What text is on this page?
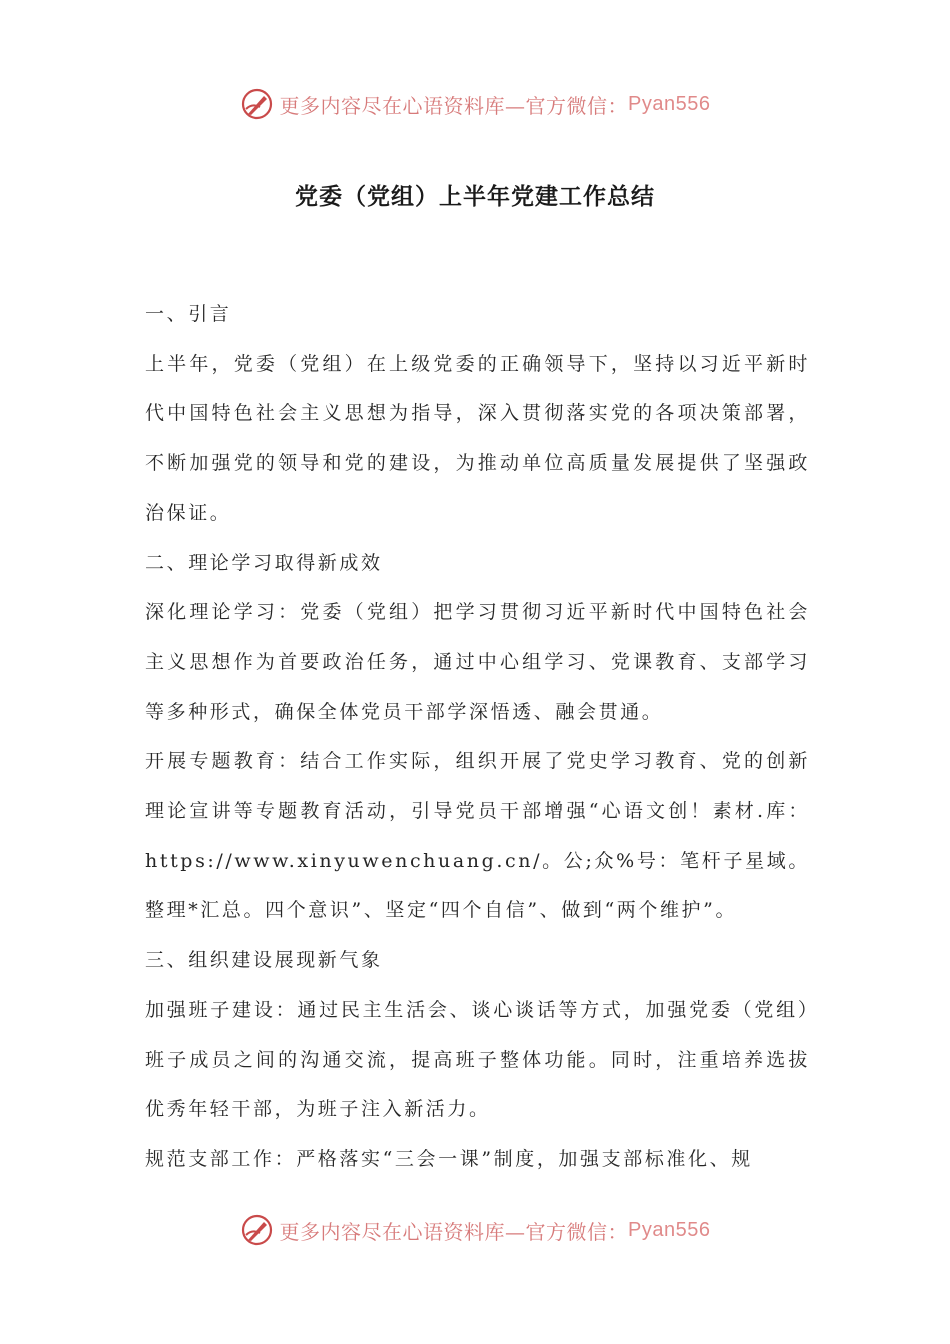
更多内容尽在心语资料库—官方微信： Pyan556
党委（党组）上半年党建工作总结

一、引言

上半年，党委（党组）在上级党委的正确领导下，坚持以习近平新时代中国特色社会主义思想为指导，深入贯彻落实党的各项决策部署，不断加强党的领导和党的建设，为推动单位高质量发展提供了坚强政治保证。

二、理论学习取得新成效

深化理论学习：党委（党组）把学习贯彻习近平新时代中国特色社会主义思想作为首要政治任务，通过中心组学习、党课教育、支部学习等多种形式，确保全体党员干部学深悟透、融会贯通。

开展专题教育：结合工作实际，组织开展了党史学习教育、党的创新理论宣讲等专题教育活动，引导党员干部增强“心语文创！素材.库：https://www.xinyuwenchuang.cn/。公;众%号：笔杆子星域。整理*汇总。四个意识”、坚定“四个自信”、做到“两个维护”。

三、组织建设展现新气象

加强班子建设：通过民主生活会、谈心谈话等方式，加强党委（党组）班子成员之间的沟通交流，提高班子整体功能。同时，注重培养选拔优秀年轻干部，为班子注入新活力。

规范支部工作：严格落实“三会一课”制度，加强支部标准化、规

更多内容尽在心语资料库—官方微信： Pyan556
